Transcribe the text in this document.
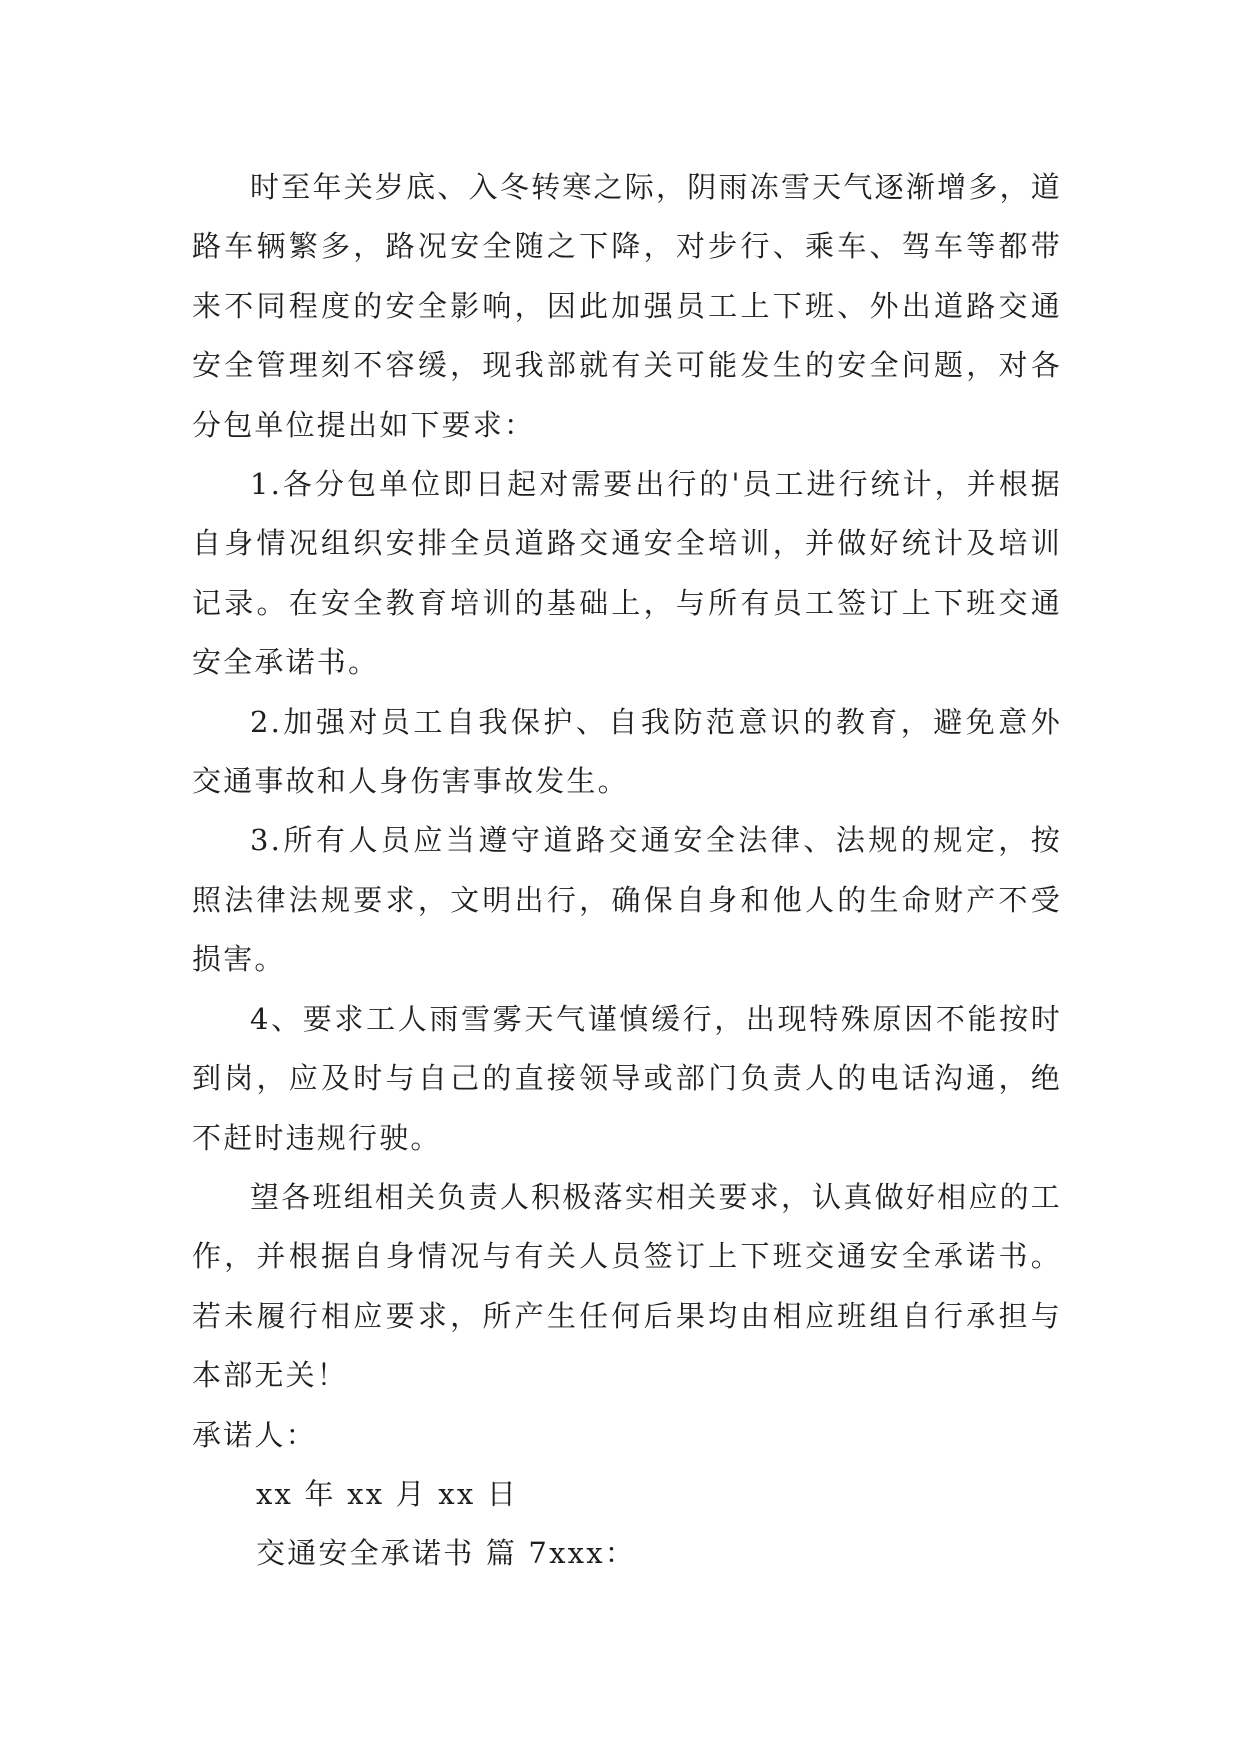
时至年关岁底、入冬转寒之际，阴雨冻雪天气逐渐增多，道路车辆繁多，路况安全随之下降，对步行、乘车、驾车等都带来不同程度的安全影响，因此加强员工上下班、外出道路交通安全管理刻不容缓，现我部就有关可能发生的安全问题，对各分包单位提出如下要求：

1.各分包单位即日起对需要出行的'员工进行统计，并根据自身情况组织安排全员道路交通安全培训，并做好统计及培训记录。在安全教育培训的基础上，与所有员工签订上下班交通安全承诺书。

2.加强对员工自我保护、自我防范意识的教育，避免意外交通事故和人身伤害事故发生。

3.所有人员应当遵守道路交通安全法律、法规的规定，按照法律法规要求，文明出行，确保自身和他人的生命财产不受损害。

4、要求工人雨雪雾天气谨慎缓行，出现特殊原因不能按时到岗，应及时与自己的直接领导或部门负责人的电话沟通，绝不赶时违规行驶。

望各班组相关负责人积极落实相关要求，认真做好相应的工作，并根据自身情况与有关人员签订上下班交通安全承诺书。若未履行相应要求，所产生任何后果均由相应班组自行承担与本部无关！

承诺人：

xx 年 xx 月 xx 日

交通安全承诺书 篇 7xxx：
